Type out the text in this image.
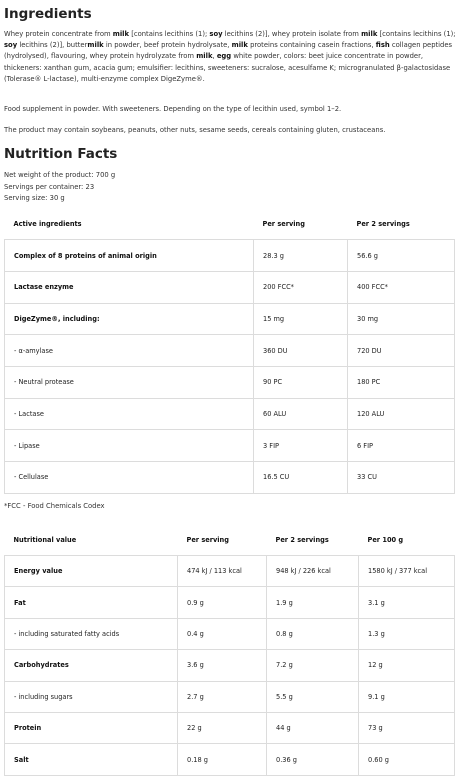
Ingredients
Whey protein concentrate from milk [contains lecithins (1); soy lecithins (2)], whey protein isolate from milk [contains lecithins (1); soy lecithins (2)], buttermilk in powder, beef protein hydrolysate, milk proteins containing casein fractions, fish collagen peptides (hydrolysed), flavouring, whey protein hydrolyzate from milk, egg white powder, colors: beet juice concentrate in powder, thickeners: xanthan gum, acacia gum; emulsifier: lecithins, sweeteners: sucralose, acesulfame K; microgranulated β-galactosidase (Tolerase® L-lactase), multi-enzyme complex DigeZyme®.
Food supplement in powder. With sweeteners. Depending on the type of lecithin used, symbol 1–2.
The product may contain soybeans, peanuts, other nuts, sesame seeds, cereals containing gluten, crustaceans.
Nutrition Facts
Net weight of the product: 700 g
Servings per container: 23
Serving size: 30 g
Active ingredients	Per serving	Per 2 servings
Complex of 8 proteins of animal origin	28.3 g	56.6 g
Lactase enzyme	200 FCC*	400 FCC*
DigeZyme®, including:	15 mg	30 mg
- α-amylase	360 DU	720 DU
- Neutral protease	90 PC	180 PC
- Lactase	60 ALU	120 ALU
- Lipase	3 FIP	6 FIP
- Cellulase	16.5 CU	33 CU
*FCC - Food Chemicals Codex
Nutritional value	Per serving	Per 2 servings	Per 100 g
Energy value	474 kJ / 113 kcal	948 kJ / 226 kcal	1580 kJ / 377 kcal
Fat	0.9 g	1.9 g	3.1 g
- including saturated fatty acids	0.4 g	0.8 g	1.3 g
Carbohydrates	3.6 g	7.2 g	12 g
- including sugars	2.7 g	5.5 g	9.1 g
Protein	22 g	44 g	73 g
Salt	0.18 g	0.36 g	0.60 g
